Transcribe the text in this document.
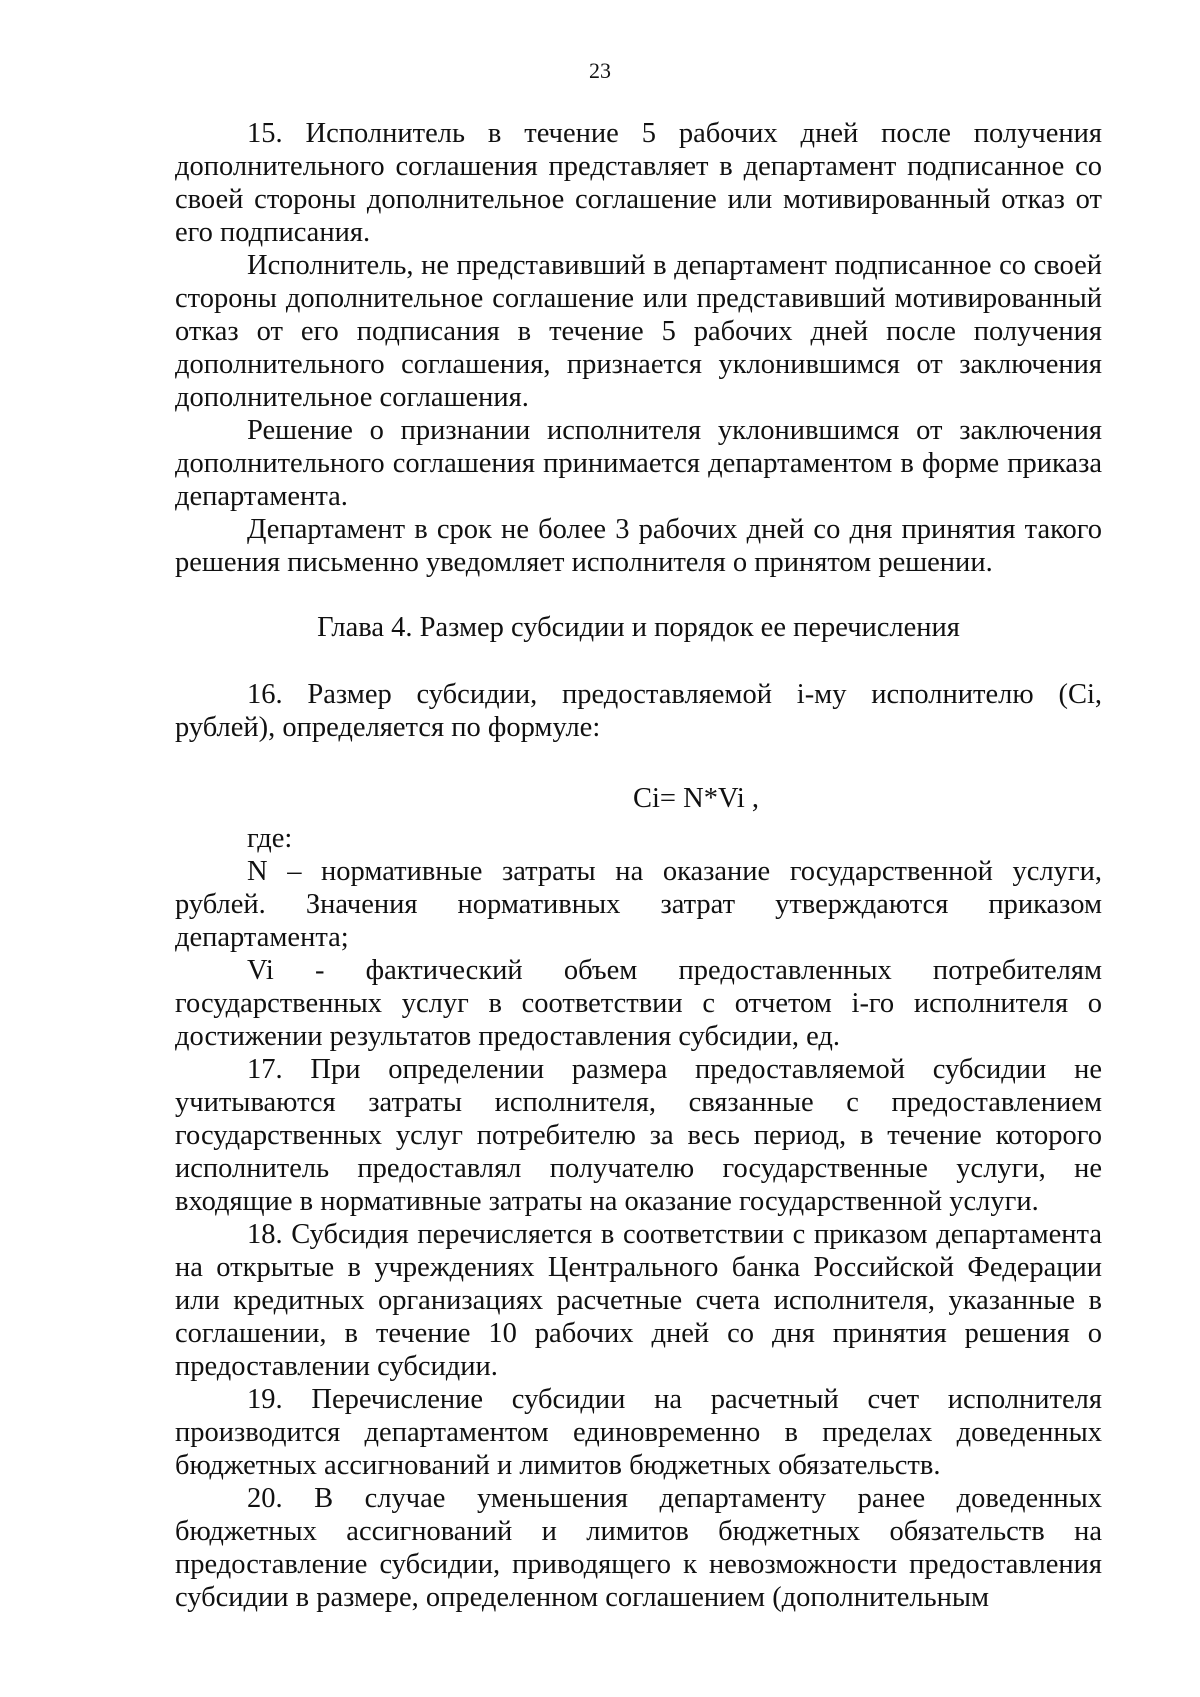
23

15. Исполнитель в течение 5 рабочих дней после получения дополнительного соглашения представляет в департамент подписанное со своей стороны дополнительное соглашение или мотивированный отказ от его подписания.

Исполнитель, не представивший в департамент подписанное со своей стороны дополнительное соглашение или представивший мотивированный отказ от его подписания в течение 5 рабочих дней после получения дополнительного соглашения, признается уклонившимся от заключения дополнительное соглашения.

Решение о признании исполнителя уклонившимся от заключения дополнительного соглашения принимается департаментом в форме приказа департамента.

Департамент в срок не более 3 рабочих дней со дня принятия такого решения письменно уведомляет исполнителя о принятом решении.

Глава 4. Размер субсидии и порядок ее перечисления

16. Размер субсидии, предоставляемой i-му исполнителю (Ci, рублей), определяется по формуле:

Ci= N*Vi ,

где:

N – нормативные затраты на оказание государственной услуги, рублей. Значения нормативных затрат утверждаются приказом департамента;

Vi - фактический объем предоставленных потребителям государственных услуг в соответствии с отчетом i-го исполнителя о достижении результатов предоставления субсидии, ед.

17. При определении размера предоставляемой субсидии не учитываются затраты исполнителя, связанные с предоставлением государственных услуг потребителю за весь период, в течение которого исполнитель предоставлял получателю государственные услуги, не входящие в нормативные затраты на оказание государственной услуги.

18. Субсидия перечисляется в соответствии с приказом департамента на открытые в учреждениях Центрального банка Российской Федерации или кредитных организациях расчетные счета исполнителя, указанные в соглашении, в течение 10 рабочих дней со дня принятия решения о предоставлении субсидии.

19. Перечисление субсидии на расчетный счет исполнителя производится департаментом единовременно в пределах доведенных бюджетных ассигнований и лимитов бюджетных обязательств.

20. В случае уменьшения департаменту ранее доведенных бюджетных ассигнований и лимитов бюджетных обязательств на предоставление субсидии, приводящего к невозможности предоставления субсидии в размере, определенном соглашением (дополнительным
